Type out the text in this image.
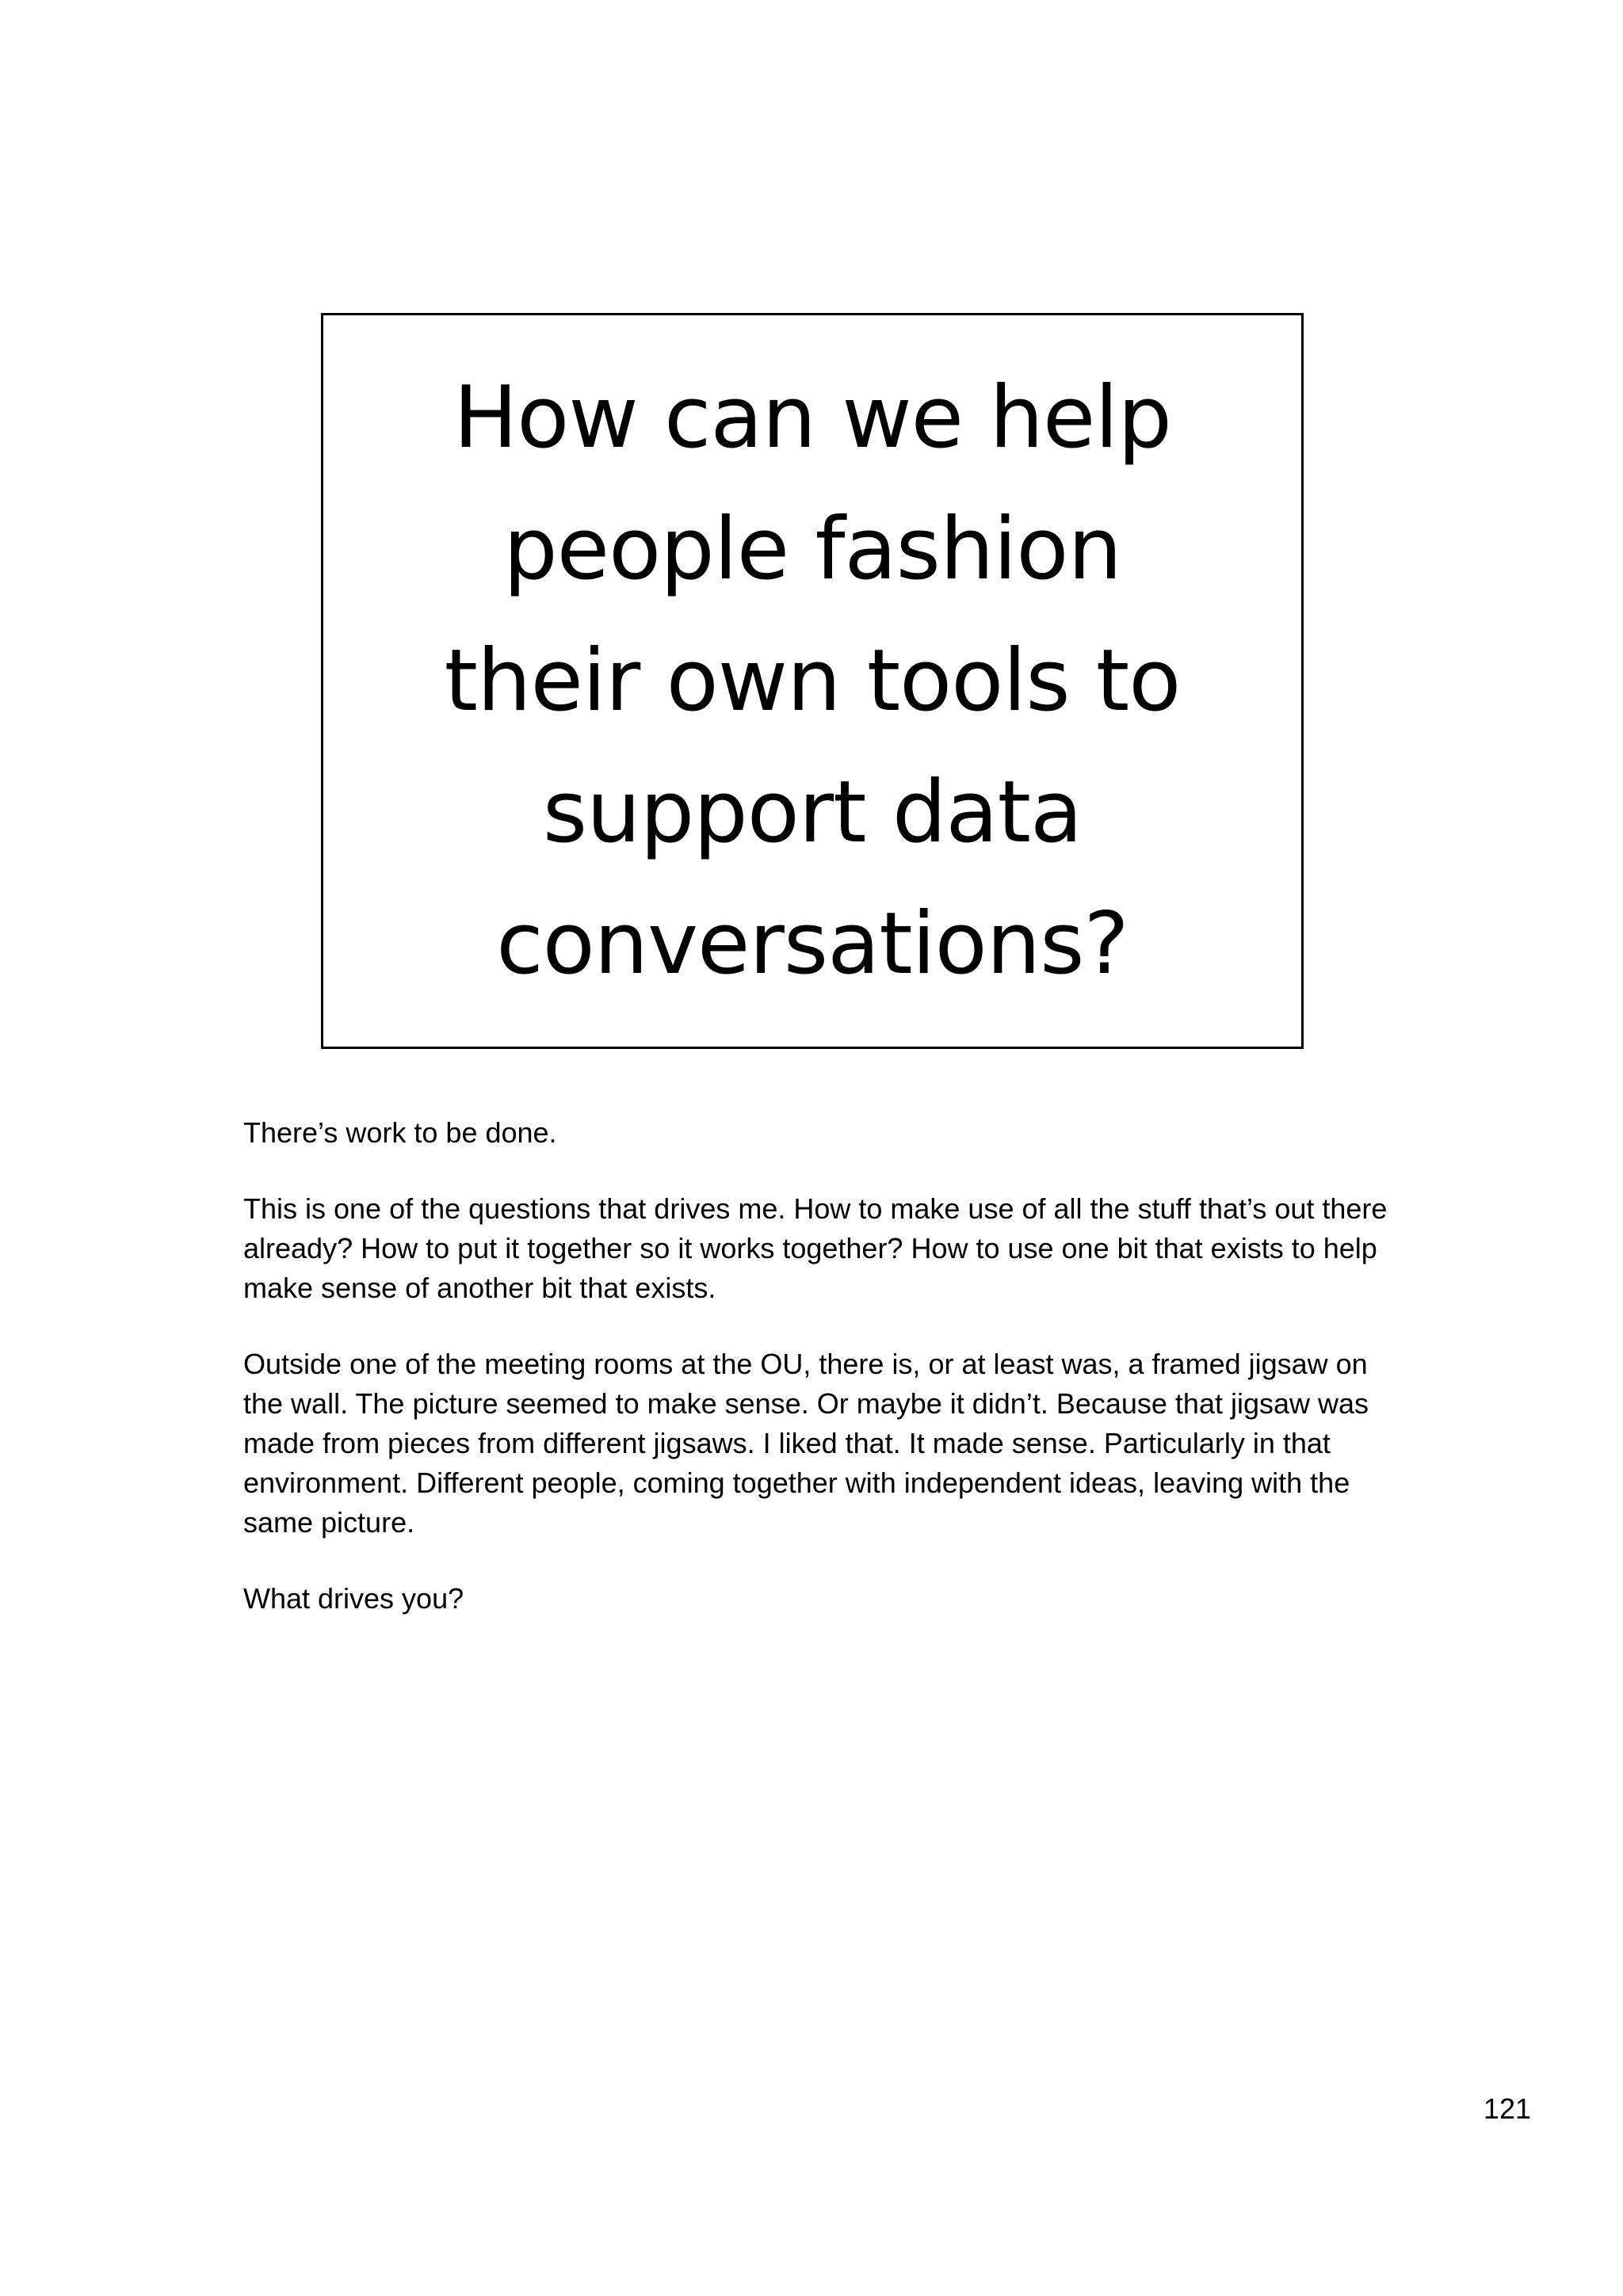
How can we help
people fashion
their own tools to
support data
conversations?

There’s work to be done.

This is one of the questions that drives me. How to make use of all the stuff that’s out there already? How to put it together so it works together? How to use one bit that exists to help make sense of another bit that exists.

Outside one of the meeting rooms at the OU, there is, or at least was, a framed jigsaw on the wall. The picture seemed to make sense. Or maybe it didn’t. Because that jigsaw was made from pieces from different jigsaws. I liked that. It made sense. Particularly in that environment. Different people, coming together with independent ideas, leaving with the same picture.

What drives you?

121
